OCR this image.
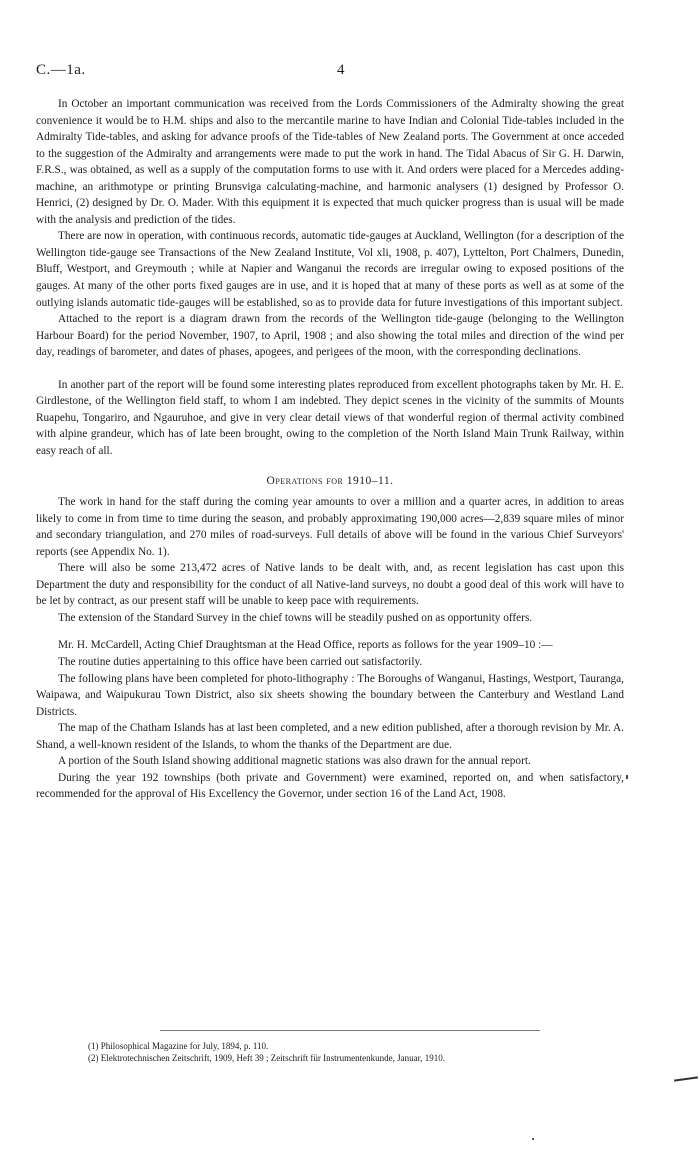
C.—1a.	4

In October an important communication was received from the Lords Commissioners of the Admiralty showing the great convenience it would be to H.M. ships and also to the mercantile marine to have Indian and Colonial Tide-tables included in the Admiralty Tide-tables, and asking for advance proofs of the Tide-tables of New Zealand ports. The Government at once acceded to the suggestion of the Admiralty and arrangements were made to put the work in hand. The Tidal Abacus of Sir G. H. Darwin, F.R.S., was obtained, as well as a supply of the computation forms to use with it. And orders were placed for a Mercedes adding-machine, an arithmotype or printing Brunsviga calculating-machine, and harmonic analysers (1) designed by Professor O. Henrici, (2) designed by Dr. O. Mader. With this equipment it is expected that much quicker progress than is usual will be made with the analysis and prediction of the tides.

There are now in operation, with continuous records, automatic tide-gauges at Auckland, Wellington (for a description of the Wellington tide-gauge see Transactions of the New Zealand Institute, Vol xli, 1908, p. 407), Lyttelton, Port Chalmers, Dunedin, Bluff, Westport, and Greymouth ; while at Napier and Wanganui the records are irregular owing to exposed positions of the gauges. At many of the other ports fixed gauges are in use, and it is hoped that at many of these ports as well as at some of the outlying islands automatic tide-gauges will be established, so as to provide data for future investigations of this important subject.

Attached to the report is a diagram drawn from the records of the Wellington tide-gauge (belonging to the Wellington Harbour Board) for the period November, 1907, to April, 1908 ; and also showing the total miles and direction of the wind per day, readings of barometer, and dates of phases, apogees, and perigees of the moon, with the corresponding declinations.

In another part of the report will be found some interesting plates reproduced from excellent photographs taken by Mr. H. E. Girdlestone, of the Wellington field staff, to whom I am indebted. They depict scenes in the vicinity of the summits of Mounts Ruapehu, Tongariro, and Ngauruhoe, and give in very clear detail views of that wonderful region of thermal activity combined with alpine grandeur, which has of late been brought, owing to the completion of the North Island Main Trunk Railway, within easy reach of all.

Operations for 1910–11.

The work in hand for the staff during the coming year amounts to over a million and a quarter acres, in addition to areas likely to come in from time to time during the season, and probably approximating 190,000 acres—2,839 square miles of minor and secondary triangulation, and 270 miles of road-surveys. Full details of above will be found in the various Chief Surveyors' reports (see Appendix No. 1).

There will also be some 213,472 acres of Native lands to be dealt with, and, as recent legislation has cast upon this Department the duty and responsibility for the conduct of all Native-land surveys, no doubt a good deal of this work will have to be let by contract, as our present staff will be unable to keep pace with requirements.

The extension of the Standard Survey in the chief towns will be steadily pushed on as opportunity offers.

Mr. H. McCardell, Acting Chief Draughtsman at the Head Office, reports as follows for the year 1909–10 :—

The routine duties appertaining to this office have been carried out satisfactorily.

The following plans have been completed for photo-lithography : The Boroughs of Wanganui, Hastings, Westport, Tauranga, Waipawa, and Waipukurau Town District, also six sheets showing the boundary between the Canterbury and Westland Land Districts.

The map of the Chatham Islands has at last been completed, and a new edition published, after a thorough revision by Mr. A. Shand, a well-known resident of the Islands, to whom the thanks of the Department are due.

A portion of the South Island showing additional magnetic stations was also drawn for the annual report.

During the year 192 townships (both private and Government) were examined, reported on, and when satisfactory, recommended for the approval of His Excellency the Governor, under section 16 of the Land Act, 1908.

(1) Philosophical Magazine for July, 1894, p. 110.
(2) Elektrotechnischen Zeitschrift, 1909, Heft 39 ; Zeitschrift für Instrumentenkunde, Januar, 1910.
